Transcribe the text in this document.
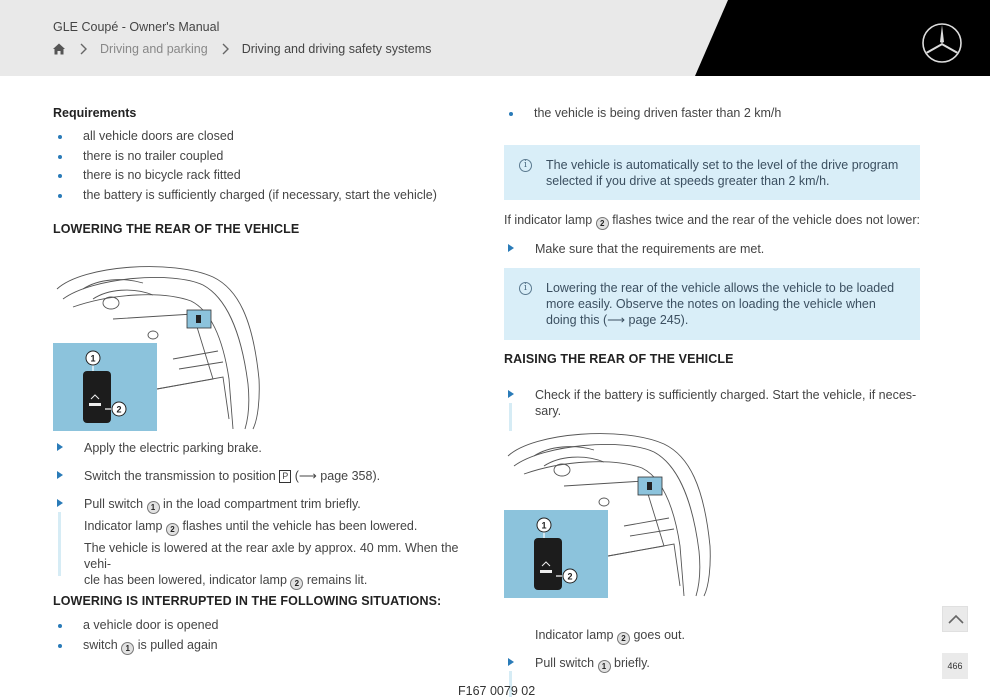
GLE Coupé - Owner's Manual
Driving and parking	Driving and driving safety systems
Requirements
all vehicle doors are closed
there is no trailer coupled
there is no bicycle rack fitted
the battery is sufficiently charged (if necessary, start the vehicle)
LOWERING THE REAR OF THE VEHICLE
1
2
Apply the electric parking brake.
Switch the transmission to position P (⟶ page 358).
Pull switch 1 in the load compartment trim briefly.
Indicator lamp 2 flashes until the vehicle has been lowered.
The vehicle is lowered at the rear axle by approx. 40 mm. When the vehi-
cle has been lowered, indicator lamp 2 remains lit.
LOWERING IS INTERRUPTED IN THE FOLLOWING SITUATIONS:
a vehicle door is opened
switch 1 is pulled again
the vehicle is being driven faster than 2 km/h
i	The vehicle is automatically set to the level of the drive program
selected if you drive at speeds greater than 2 km/h.
If indicator lamp 2 flashes twice and the rear of the vehicle does not lower:
Make sure that the requirements are met.
i	Lowering the rear of the vehicle allows the vehicle to be loaded
more easily. Observe the notes on loading the vehicle when
doing this (⟶ page 245).
RAISING THE REAR OF THE VEHICLE
Check if the battery is sufficiently charged. Start the vehicle, if neces-
sary.
1
2
Pull switch 1 briefly.
Indicator lamp 2 goes out.
466
F167 0079 02
